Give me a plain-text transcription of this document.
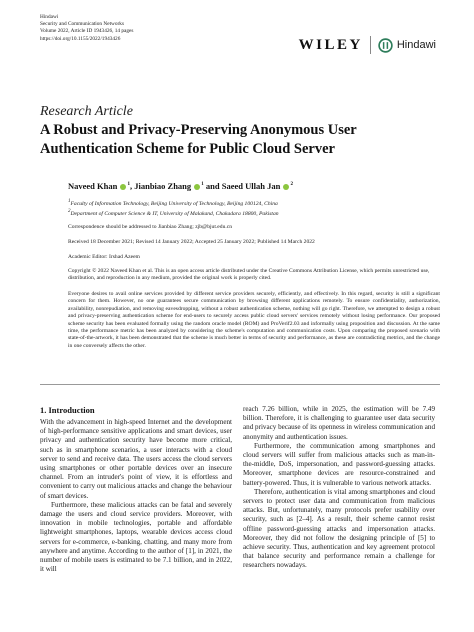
Hindawi
Security and Communication Networks
Volume 2022, Article ID 1943426, 14 pages
https://doi.org/10.1155/2022/1943426	WILEY	Hindawi
Research Article
A Robust and Privacy-Preserving Anonymous User Authentication Scheme for Public Cloud Server
Naveed Khan $^1$, Jianbiao Zhang $^1$ and Saeed Ullah Jan $^2$
$^1$Faculty of Information Technology, Beijing University of Technology, Beijing 100124, China
$^2$Department of Computer Science & IT, University of Malakand, Chakadara 18800, Pakistan
Correspondence should be addressed to Jianbiao Zhang; zjb@bjut.edu.cn
Received 18 December 2021; Revised 14 January 2022; Accepted 25 January 2022; Published 14 March 2022
Academic Editor: Irshad Azeem
Copyright © 2022 Naveed Khan et al. This is an open access article distributed under the Creative Commons Attribution License, which permits unrestricted use, distribution, and reproduction in any medium, provided the original work is properly cited.
Everyone desires to avail online services provided by different service providers securely, efficiently, and effectively. In this regard, security is still a significant concern for them. However, no one guarantees secure communication by browsing different applications remotely. To ensure confidentiality, authorization, availability, nonrepudiation, and removing eavesdropping, without a robust authentication scheme, nothing will go right. Therefore, we attempted to design a robust and privacy-preserving authentication scheme for end-users to securely access public cloud servers' services remotely without losing performance. Our proposed scheme security has been evaluated formally using the random oracle model (ROM) and ProVerif2.03 and informally using proposition and discussion. At the same time, the performance metric has been analyzed by considering the scheme's computation and communication costs. Upon comparing the proposed scenario with state-of-the-artwork, it has been demonstrated that the scheme is much better in terms of security and performance, as these are contradicting metrics, and the change in one conversely affects the other.
1. Introduction

With the advancement in high-speed Internet and the development of high-performance sensitive applications and smart devices, user privacy and authentication security have become more critical, such as in smartphone scenarios, a user interacts with a cloud server to send and receive data. The users access the cloud servers using smartphones or other portable devices over an insecure channel. From an intruder's point of view, it is effortless and convenient to carry out malicious attacks and change the behaviour of smart devices.

Furthermore, these malicious attacks can be fatal and severely damage the users and cloud service providers. Moreover, with innovation in mobile technologies, portable and affordable lightweight smartphones, laptops, wearable devices access cloud servers for e-commerce, e-banking, chatting, and many more from anywhere and anytime. According to the author of [1], in 2021, the number of mobile users is estimated to be 7.1 billion, and in 2022, it will

reach 7.26 billion, while in 2025, the estimation will be 7.49 billion. Therefore, it is challenging to guarantee user data security and privacy because of its openness in wireless communication and anonymity and authentication issues.

Furthermore, the communication among smartphones and cloud servers will suffer from malicious attacks such as man-in-the-middle, DoS, impersonation, and password-guessing attacks. Moreover, smartphone devices are resource-constrained and battery-powered. Thus, it is vulnerable to various network attacks.

Therefore, authentication is vital among smartphones and cloud servers to protect user data and communication from malicious attacks. But, unfortunately, many protocols prefer usability over security, such as [2–4]. As a result, their scheme cannot resist offline password-guessing attacks and impersonation attacks. Moreover, they did not follow the designing principle of [5] to achieve security. Thus, authentication and key agreement protocol that balance security and performance remain a challenge for researchers nowadays.
